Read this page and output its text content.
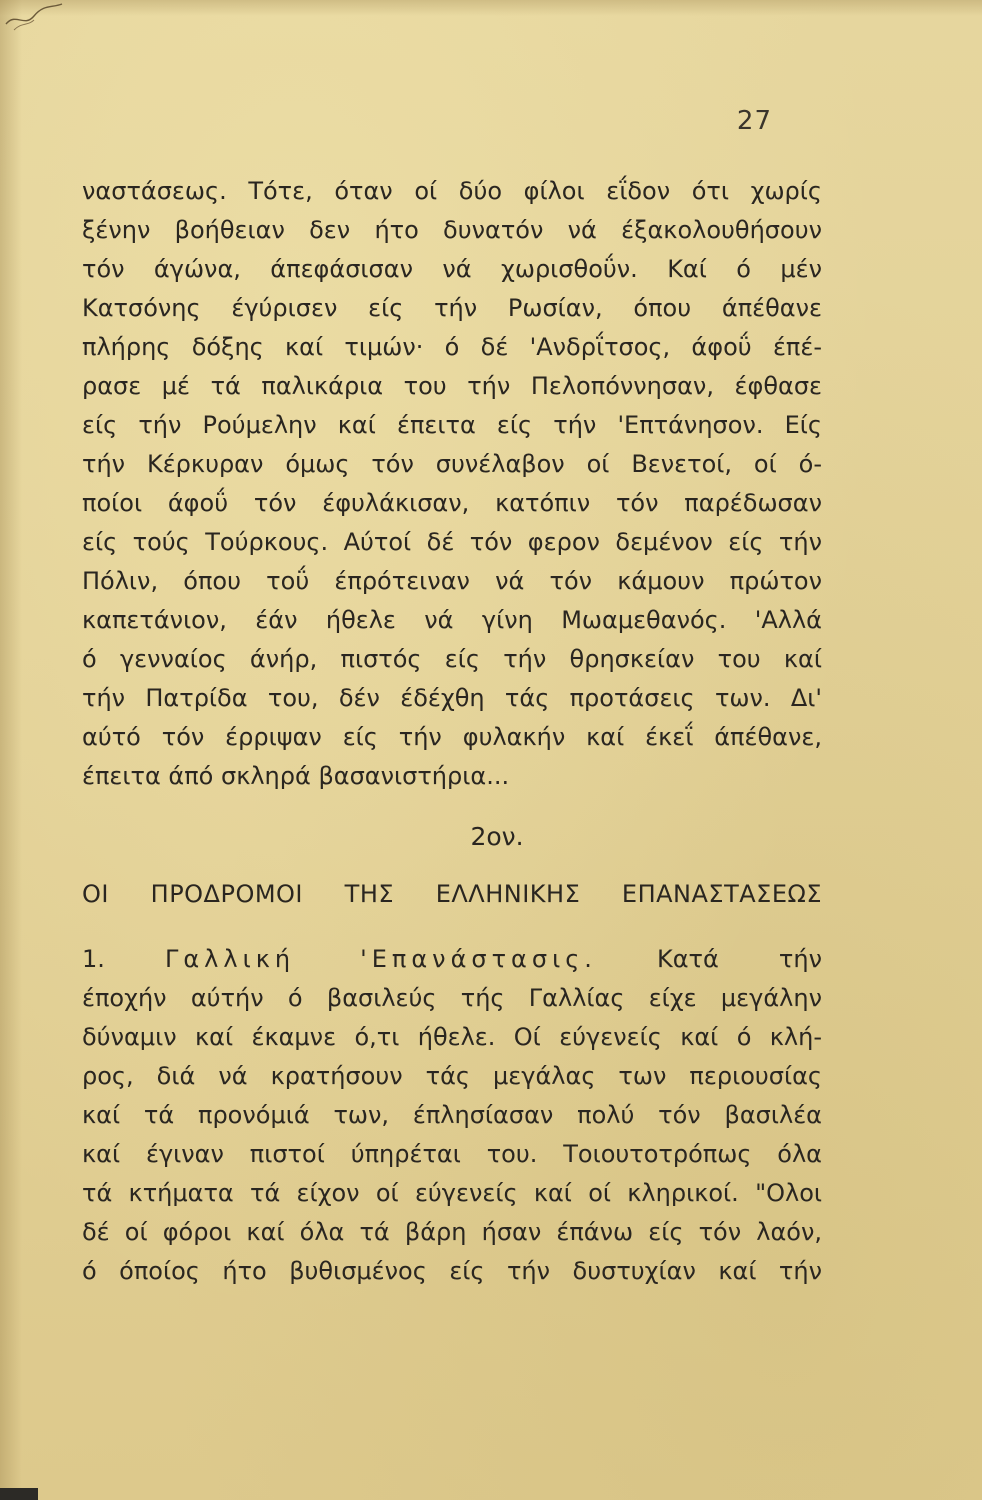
27
ναστάσεως. Τότε, όταν οί δύο φίλοι εΐδον ότι χωρίς
ξένην βοήθειαν δεν ήτο δυνατόν νά έξακολουθήσουν
τόν άγώνα, άπεφάσισαν νά χωρισθοΰν. Καί ό μέν
Κατσόνης έγύρισεν είς τήν Ρωσίαν, όπου άπέθανε
πλήρης δόξης καί τιμών· ό δέ 'Ανδρΐτσος, άφοΰ έπέ-
ρασε μέ τά παλικάρια του τήν Πελοπόννησαν, έφθασε
είς τήν Ρούμελην καί έπειτα είς τήν 'Επτάνησον. Είς
τήν Κέρκυραν όμως τόν συνέλαβον οί Βενετοί, οί ό-
ποίοι άφοΰ τόν έφυλάκισαν, κατόπιν τόν παρέδωσαν
είς τούς Τούρκους. Αύτοί δέ τόν φερον δεμένον είς τήν
Πόλιν, όπου τοΰ έπρότειναν νά τόν κάμουν πρώτον
καπετάνιον, έάν ήθελε νά γίνη Μωαμεθανός. 'Αλλά
ό γενναίος άνήρ, πιστός είς τήν θρησκείαν του καί
τήν Πατρίδα του, δέν έδέχθη τάς προτάσεις των. Δι'
αύτό τόν έρριψαν είς τήν φυλακήν καί έκεΐ άπέθανε,
έπειτα άπό σκληρά βασανιστήρια...
2ον.
ΟΙ ΠΡΟΔΡΟΜΟΙ ΤΗΣ ΕΛΛΗΝΙΚΗΣ ΕΠΑΝΑΣΤΑΣΕΩΣ
1.	Γαλλική 'Επανάστασις.	Κατά τήν
έποχήν αύτήν ό βασιλεύς τής Γαλλίας είχε μεγάλην
δύναμιν καί έκαμνε ό,τι ήθελε. Οί εύγενείς καί ό κλή-
ρος, διά νά κρατήσουν τάς μεγάλας των περιουσίας
καί τά προνόμιά των, έπλησίασαν πολύ τόν βασιλέα
καί έγιναν πιστοί ύπηρέται του. Τοιουτοτρόπως όλα
τά κτήματα τά είχον οί εύγενείς καί οί κληρικοί. "Ολοι
δέ οί φόροι καί όλα τά βάρη ήσαν έπάνω είς τόν λαόν,
ό όποίος ήτο βυθισμένος είς τήν δυστυχίαν καί τήν
